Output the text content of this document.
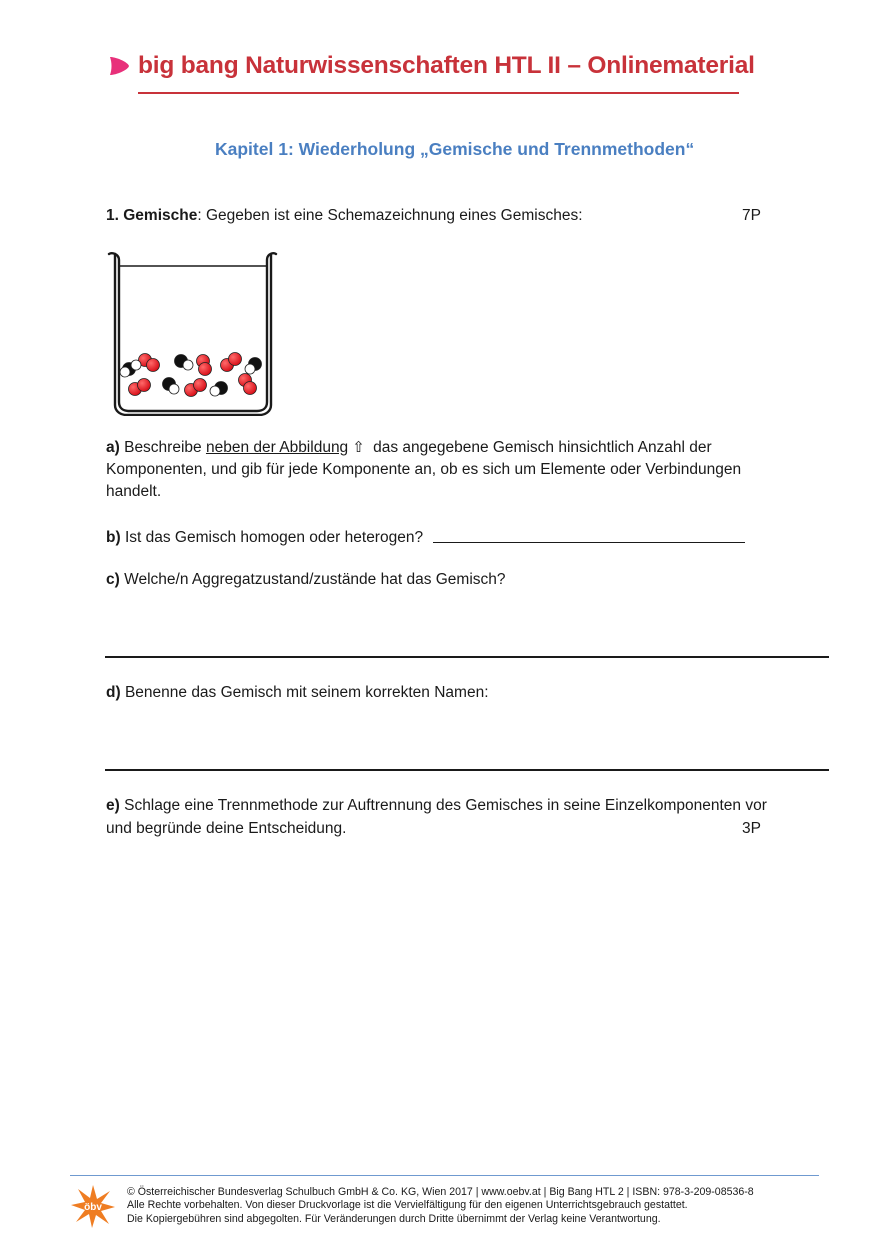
big bang Naturwissenschaften HTL II – Onlinematerial
Kapitel 1: Wiederholung „Gemische und Trennmethoden“
1. Gemische: Gegeben ist eine Schemazeichnung eines Gemisches:	7P
a) Beschreibe neben der Abbildung ⇧ das angegebene Gemisch hinsichtlich Anzahl der
Komponenten, und gib für jede Komponente an, ob es sich um Elemente oder Verbindungen
handelt.
b) Ist das Gemisch homogen oder heterogen?
c) Welche/n Aggregatzustand/zustände hat das Gemisch?
d) Benenne das Gemisch mit seinem korrekten Namen:
e) Schlage eine Trennmethode zur Auftrennung des Gemisches in seine Einzelkomponenten vor
und begründe deine Entscheidung.	3P
öbv
© Österreichischer Bundesverlag Schulbuch GmbH & Co. KG, Wien 2017 | www.oebv.at | Big Bang HTL 2 | ISBN: 978-3-209-08536-8
Alle Rechte vorbehalten. Von dieser Druckvorlage ist die Vervielfältigung für den eigenen Unterrichtsgebrauch gestattet.
Die Kopiergebühren sind abgegolten. Für Veränderungen durch Dritte übernimmt der Verlag keine Verantwortung.
